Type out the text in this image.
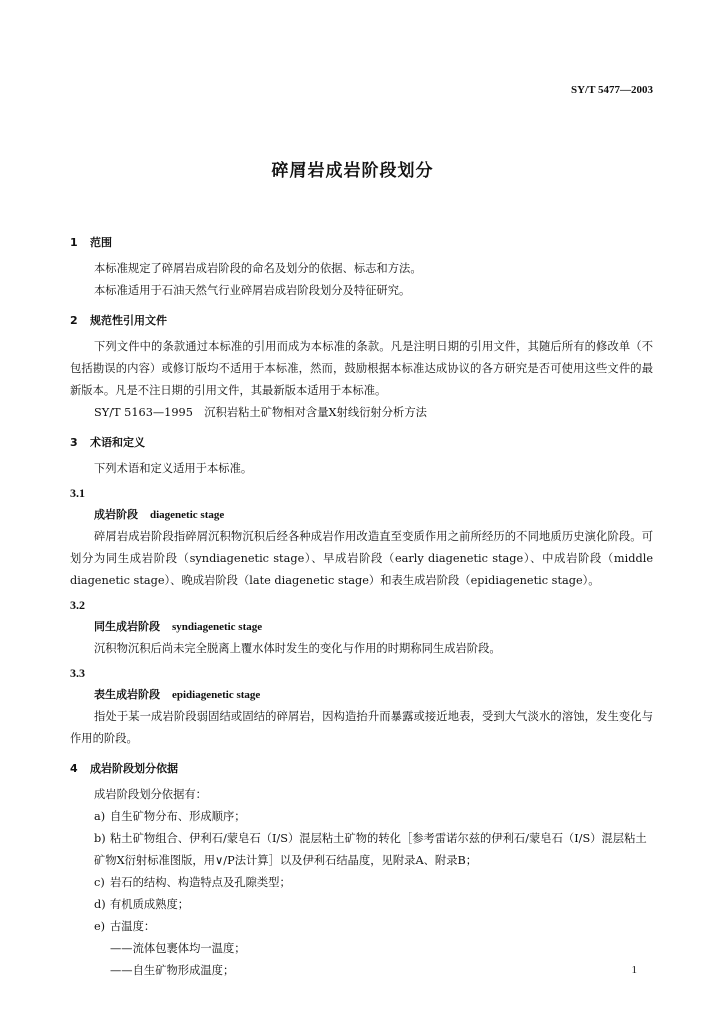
SY/T 5477—2003
碎屑岩成岩阶段划分
1 范围
本标准规定了碎屑岩成岩阶段的命名及划分的依据、标志和方法。
本标准适用于石油天然气行业碎屑岩成岩阶段划分及特征研究。
2 规范性引用文件
下列文件中的条款通过本标准的引用而成为本标准的条款。凡是注明日期的引用文件，其随后所有的修改单（不包括勘误的内容）或修订版均不适用于本标准，然而，鼓励根据本标准达成协议的各方研究是否可使用这些文件的最新版本。凡是不注日期的引用文件，其最新版本适用于本标准。
SY/T 5163—1995　沉积岩粘土矿物相对含量X射线衍射分析方法
3 术语和定义
下列术语和定义适用于本标准。
3.1
成岩阶段 diagenetic stage
碎屑岩成岩阶段指碎屑沉积物沉积后经各种成岩作用改造直至变质作用之前所经历的不同地质历史演化阶段。可划分为同生成岩阶段（syndiagenetic stage）、早成岩阶段（early diagenetic stage）、中成岩阶段（middle diagenetic stage）、晚成岩阶段（late diagenetic stage）和表生成岩阶段（epidiagenetic stage）。
3.2
同生成岩阶段 syndiagenetic stage
沉积物沉积后尚未完全脱离上覆水体时发生的变化与作用的时期称同生成岩阶段。
3.3
表生成岩阶段 epidiagenetic stage
指处于某一成岩阶段弱固结或固结的碎屑岩，因构造抬升而暴露或接近地表，受到大气淡水的溶蚀，发生变化与作用的阶段。
4 成岩阶段划分依据
成岩阶段划分依据有：
a) 自生矿物分布、形成顺序；
b) 粘土矿物组合、伊利石/蒙皂石（I/S）混层粘土矿物的转化［参考雷诺尔兹的伊利石/蒙皂石（I/S）混层粘土矿物X衍射标准图版，用∨/P法计算］以及伊利石结晶度，见附录A、附录B；
c) 岩石的结构、构造特点及孔隙类型；
d) 有机质成熟度；
e) 古温度：
——流体包裹体均一温度；
——自生矿物形成温度；	1
